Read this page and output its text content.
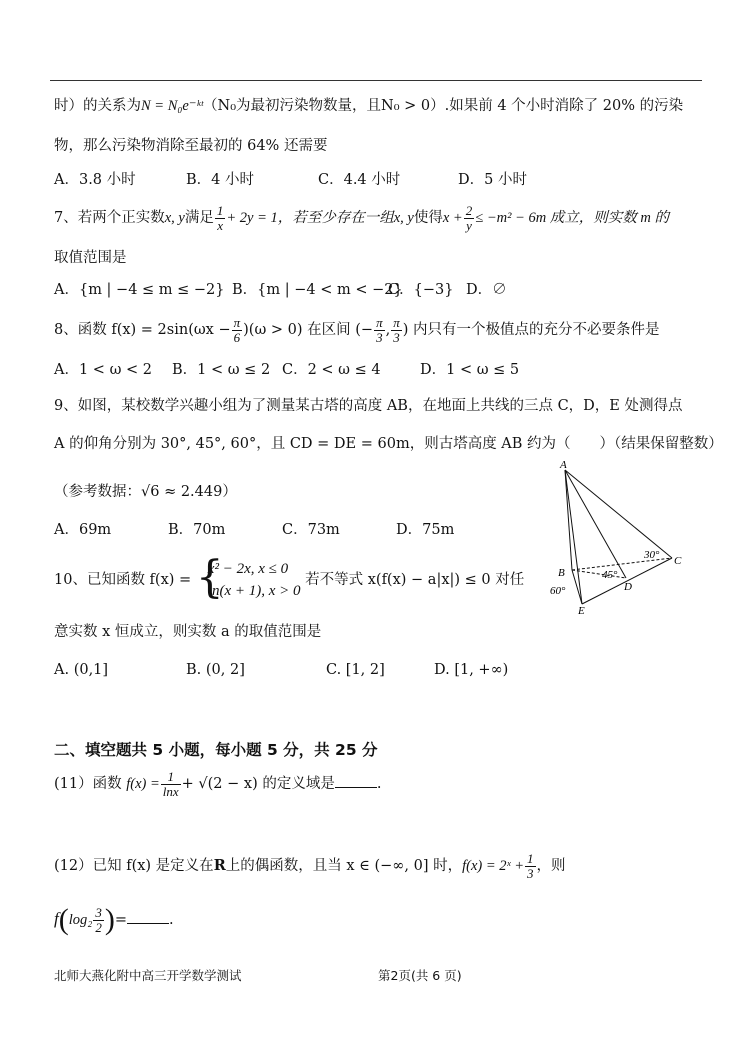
时）的关系为N = N₀e⁻ᵏᵗ（N₀为最初污染物数量，且N₀ > 0）.如果前 4 个小时消除了 20% 的污染
物，那么污染物消除至最初的 64% 还需要
A．3.8 小时	B．4 小时	C．4.4 小时	D．5 小时
7、若两个正实数x, y满足 $\frac{1}{x} + 2y = 1$，若至少存在一组x, y使得$x + \frac{2}{y} \le -m^2 - 6m$ 成立，则实数 m 的
取值范围是
A．{m | −4 ≤ m ≤ −2} B．{m | −4 < m < −2}
C．{−3} D．∅
8、函数 $f(x) = 2\sin(\omega x - \frac{\pi}{6} )(\omega > 0)$ 在区间 (− $\frac{\pi}{3}$ , $\frac{\pi}{3}$ ) 内只有一个极值点的充分不必要条件是
A．1 < ω < 2 B．1 < ω ≤ 2 C．2 < ω ≤ 4	D．1 < ω ≤ 5
9、如图，某校数学兴趣小组为了测量某古塔的高度 AB，在地面上共线的三点 C，D，E 处测得点
A 的仰角分别为 30°, 45°, 60°，且 CD = DE = 60m，则古塔高度 AB 约为（　　）（结果保留整数）
（参考数据：√6 ≈ 2.449）
A．69m	B．70m	C．73m	D．75m
A
B
C
D
E
30°
45°
60°
10、已知函数 f(x) = {
x² − 2x, x ≤ 0
ln(x + 1), x > 0
若不等式 x(f(x) − a|x|) ≤ 0 对任
意实数 x 恒成立，则实数 a 的取值范围是
A. (0,1]	B. (0, 2]	C. [1, 2]	D. [1, +∞)
二、填空题共 5 小题，每小题 5 分，共 25 分
(11）函数 $f(x) = \frac{1}{\ln x} + √(2 - x)$ 的定义域是	.
(12）已知 f(x) 是定义在R上的偶函数，且当 x ∈ (−∞, 0] 时，f(x) = 2ˣ + $\frac{1}{3}$ ，则
$f(\log_2 \frac{3}{2}$ )=	.
北师大燕化附中高三开学数学测试	第2页(共 6 页)
